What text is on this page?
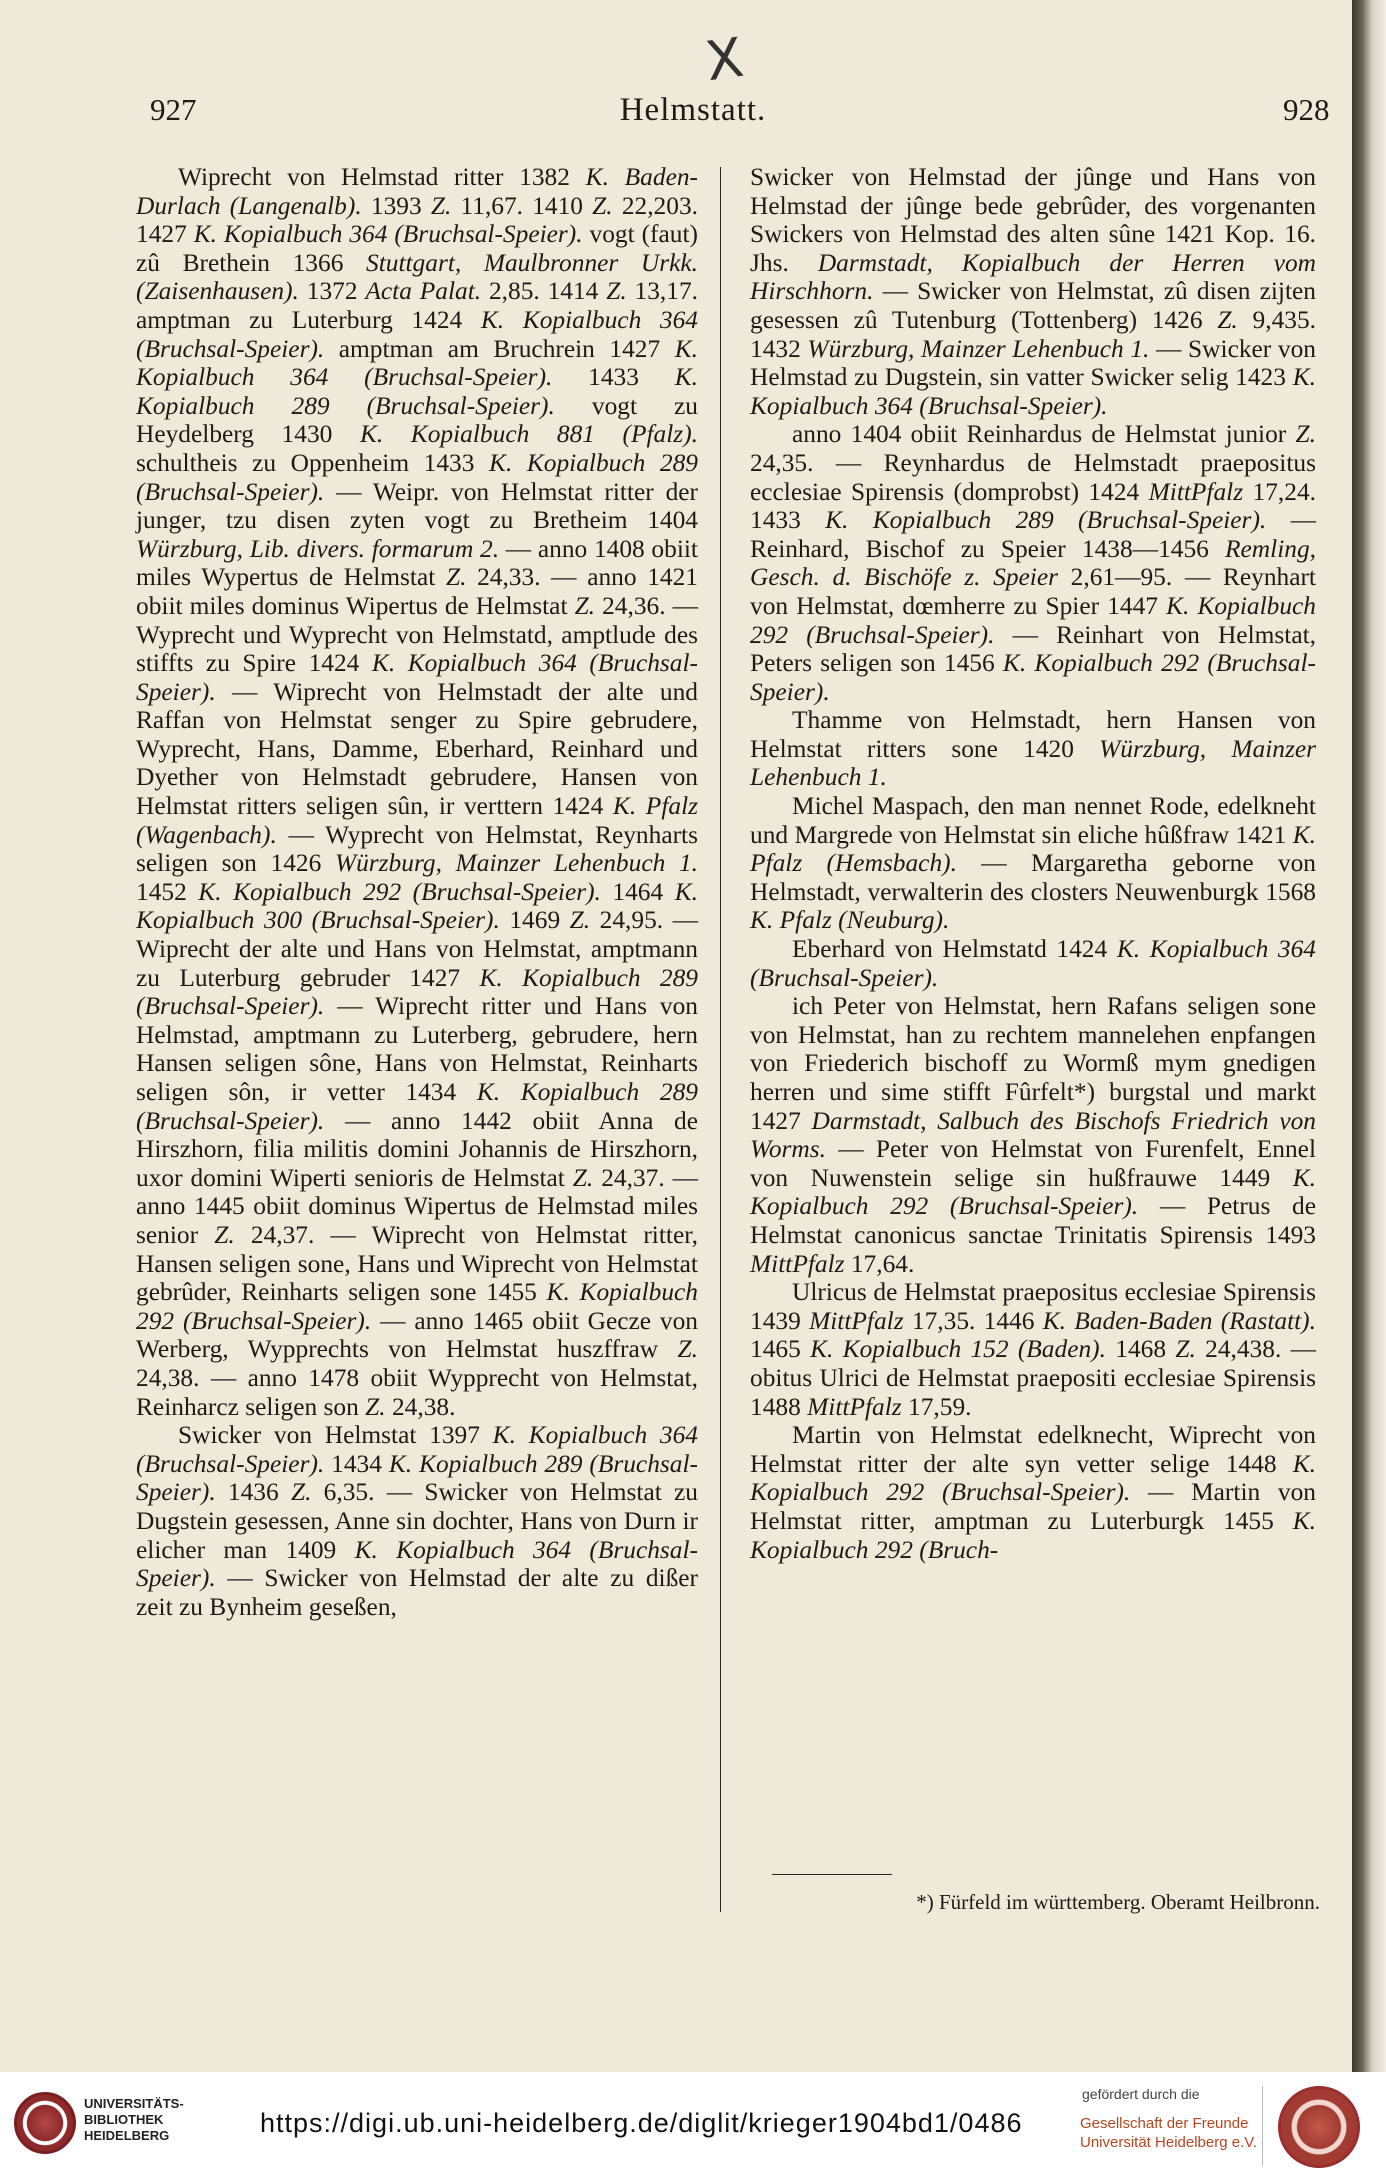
X
927	Helmstatt.	928

Wiprecht von Helmstad ritter 1382 K. Baden-Durlach (Langenalb). 1393 Z. 11,67. 1410 Z. 22,203. 1427 K. Kopialbuch 364 (Bruchsal-Speier). vogt (faut) zû Brethein 1366 Stuttgart, Maulbronner Urkk. (Zaisenhausen). 1372 Acta Palat. 2,85. 1414 Z. 13,17. amptman zu Luterburg 1424 K. Kopialbuch 364 (Bruchsal-Speier). amptman am Bruchrein 1427 K. Kopialbuch 364 (Bruchsal-Speier). 1433 K. Kopialbuch 289 (Bruchsal-Speier). vogt zu Heydelberg 1430 K. Kopialbuch 881 (Pfalz). schultheis zu Oppenheim 1433 K. Kopialbuch 289 (Bruchsal-Speier). — Weipr. von Helmstat ritter der junger, tzu disen zyten vogt zu Bretheim 1404 Würzburg, Lib. divers. formarum 2. — anno 1408 obiit miles Wypertus de Helmstat Z. 24,33. — anno 1421 obiit miles dominus Wipertus de Helmstat Z. 24,36. — Wyprecht und Wyprecht von Helmstatd, amptlude des stiffts zu Spire 1424 K. Kopialbuch 364 (Bruchsal-Speier). — Wiprecht von Helmstadt der alte und Raffan von Helmstat senger zu Spire gebrudere, Wyprecht, Hans, Damme, Eberhard, Reinhard und Dyether von Helmstadt gebrudere, Hansen von Helmstat ritters seligen sûn, ir verttern 1424 K. Pfalz (Wagenbach). — Wyprecht von Helmstat, Reynharts seligen son 1426 Würzburg, Mainzer Lehenbuch 1. 1452 K. Kopialbuch 292 (Bruchsal-Speier). 1464 K. Kopialbuch 300 (Bruchsal-Speier). 1469 Z. 24,95. — Wiprecht der alte und Hans von Helmstat, amptmann zu Luterburg gebruder 1427 K. Kopialbuch 289 (Bruchsal-Speier). — Wiprecht ritter und Hans von Helmstad, amptmann zu Luterberg, gebrudere, hern Hansen seligen sône, Hans von Helmstat, Reinharts seligen sôn, ir vetter 1434 K. Kopialbuch 289 (Bruchsal-Speier). — anno 1442 obiit Anna de Hirszhorn, filia militis domini Johannis de Hirszhorn, uxor domini Wiperti senioris de Helmstat Z. 24,37. — anno 1445 obiit dominus Wipertus de Helmstad miles senior Z. 24,37. — Wiprecht von Helmstat ritter, Hansen seligen sone, Hans und Wiprecht von Helmstat gebrûder, Reinharts seligen sone 1455 K. Kopialbuch 292 (Bruchsal-Speier). — anno 1465 obiit Gecze von Werberg, Wypprechts von Helmstat huszffraw Z. 24,38. — anno 1478 obiit Wypprecht von Helmstat, Reinharcz seligen son Z. 24,38.

Swicker von Helmstat 1397 K. Kopialbuch 364 (Bruchsal-Speier). 1434 K. Kopialbuch 289 (Bruchsal-Speier). 1436 Z. 6,35. — Swicker von Helmstat zu Dugstein gesessen, Anne sin dochter, Hans von Durn ir elicher man 1409 K. Kopialbuch 364 (Bruchsal-Speier). — Swicker von Helmstad der alte zu dißer zeit zu Bynheim geseßen,

Swicker von Helmstad der jûnge und Hans von Helmstad der jûnge bede gebrûder, des vorgenanten Swickers von Helmstad des alten sûne 1421 Kop. 16. Jhs. Darmstadt, Kopialbuch der Herren vom Hirschhorn. — Swicker von Helmstat, zû disen zijten gesessen zû Tutenburg (Tottenberg) 1426 Z. 9,435. 1432 Würzburg, Mainzer Lehenbuch 1. — Swicker von Helmstad zu Dugstein, sin vatter Swicker selig 1423 K. Kopialbuch 364 (Bruchsal-Speier).

anno 1404 obiit Reinhardus de Helmstat junior Z. 24,35. — Reynhardus de Helmstadt praepositus ecclesiae Spirensis (domprobst) 1424 MittPfalz 17,24. 1433 K. Kopialbuch 289 (Bruchsal-Speier). — Reinhard, Bischof zu Speier 1438—1456 Remling, Gesch. d. Bischöfe z. Speier 2,61—95. — Reynhart von Helmstat, dœmherre zu Spier 1447 K. Kopialbuch 292 (Bruchsal-Speier). — Reinhart von Helmstat, Peters seligen son 1456 K. Kopialbuch 292 (Bruchsal-Speier).

Thamme von Helmstadt, hern Hansen von Helmstat ritters sone 1420 Würzburg, Mainzer Lehenbuch 1.

Michel Maspach, den man nennet Rode, edelkneht und Margrede von Helmstat sin eliche hûßfraw 1421 K. Pfalz (Hemsbach). — Margaretha geborne von Helmstadt, verwalterin des closters Neuwenburgk 1568 K. Pfalz (Neuburg).

Eberhard von Helmstatd 1424 K. Kopialbuch 364 (Bruchsal-Speier).

ich Peter von Helmstat, hern Rafans seligen sone von Helmstat, han zu rechtem mannelehen enpfangen von Friederich bischoff zu Wormß mym gnedigen herren und sime stifft Fûrfelt*) burgstal und markt 1427 Darmstadt, Salbuch des Bischofs Friedrich von Worms. — Peter von Helmstat von Furenfelt, Ennel von Nuwenstein selige sin hußfrauwe 1449 K. Kopialbuch 292 (Bruchsal-Speier). — Petrus de Helmstat canonicus sanctae Trinitatis Spirensis 1493 MittPfalz 17,64.

Ulricus de Helmstat praepositus ecclesiae Spirensis 1439 MittPfalz 17,35. 1446 K. Baden-Baden (Rastatt). 1465 K. Kopialbuch 152 (Baden). 1468 Z. 24,438. — obitus Ulrici de Helmstat praepositi ecclesiae Spirensis 1488 MittPfalz 17,59.

Martin von Helmstat edelknecht, Wiprecht von Helmstat ritter der alte syn vetter selige 1448 K. Kopialbuch 292 (Bruchsal-Speier). — Martin von Helmstat ritter, amptman zu Luterburgk 1455 K. Kopialbuch 292 (Bruch-

*) Fürfeld im württemberg. Oberamt Heilbronn.
UNIVERSITÄTS-
BIBLIOTHEK
HEIDELBERG	https://digi.ub.uni-heidelberg.de/diglit/krieger1904bd1/0486
gefördert durch die
Gesellschaft der Freunde
Universität Heidelberg e.V.
